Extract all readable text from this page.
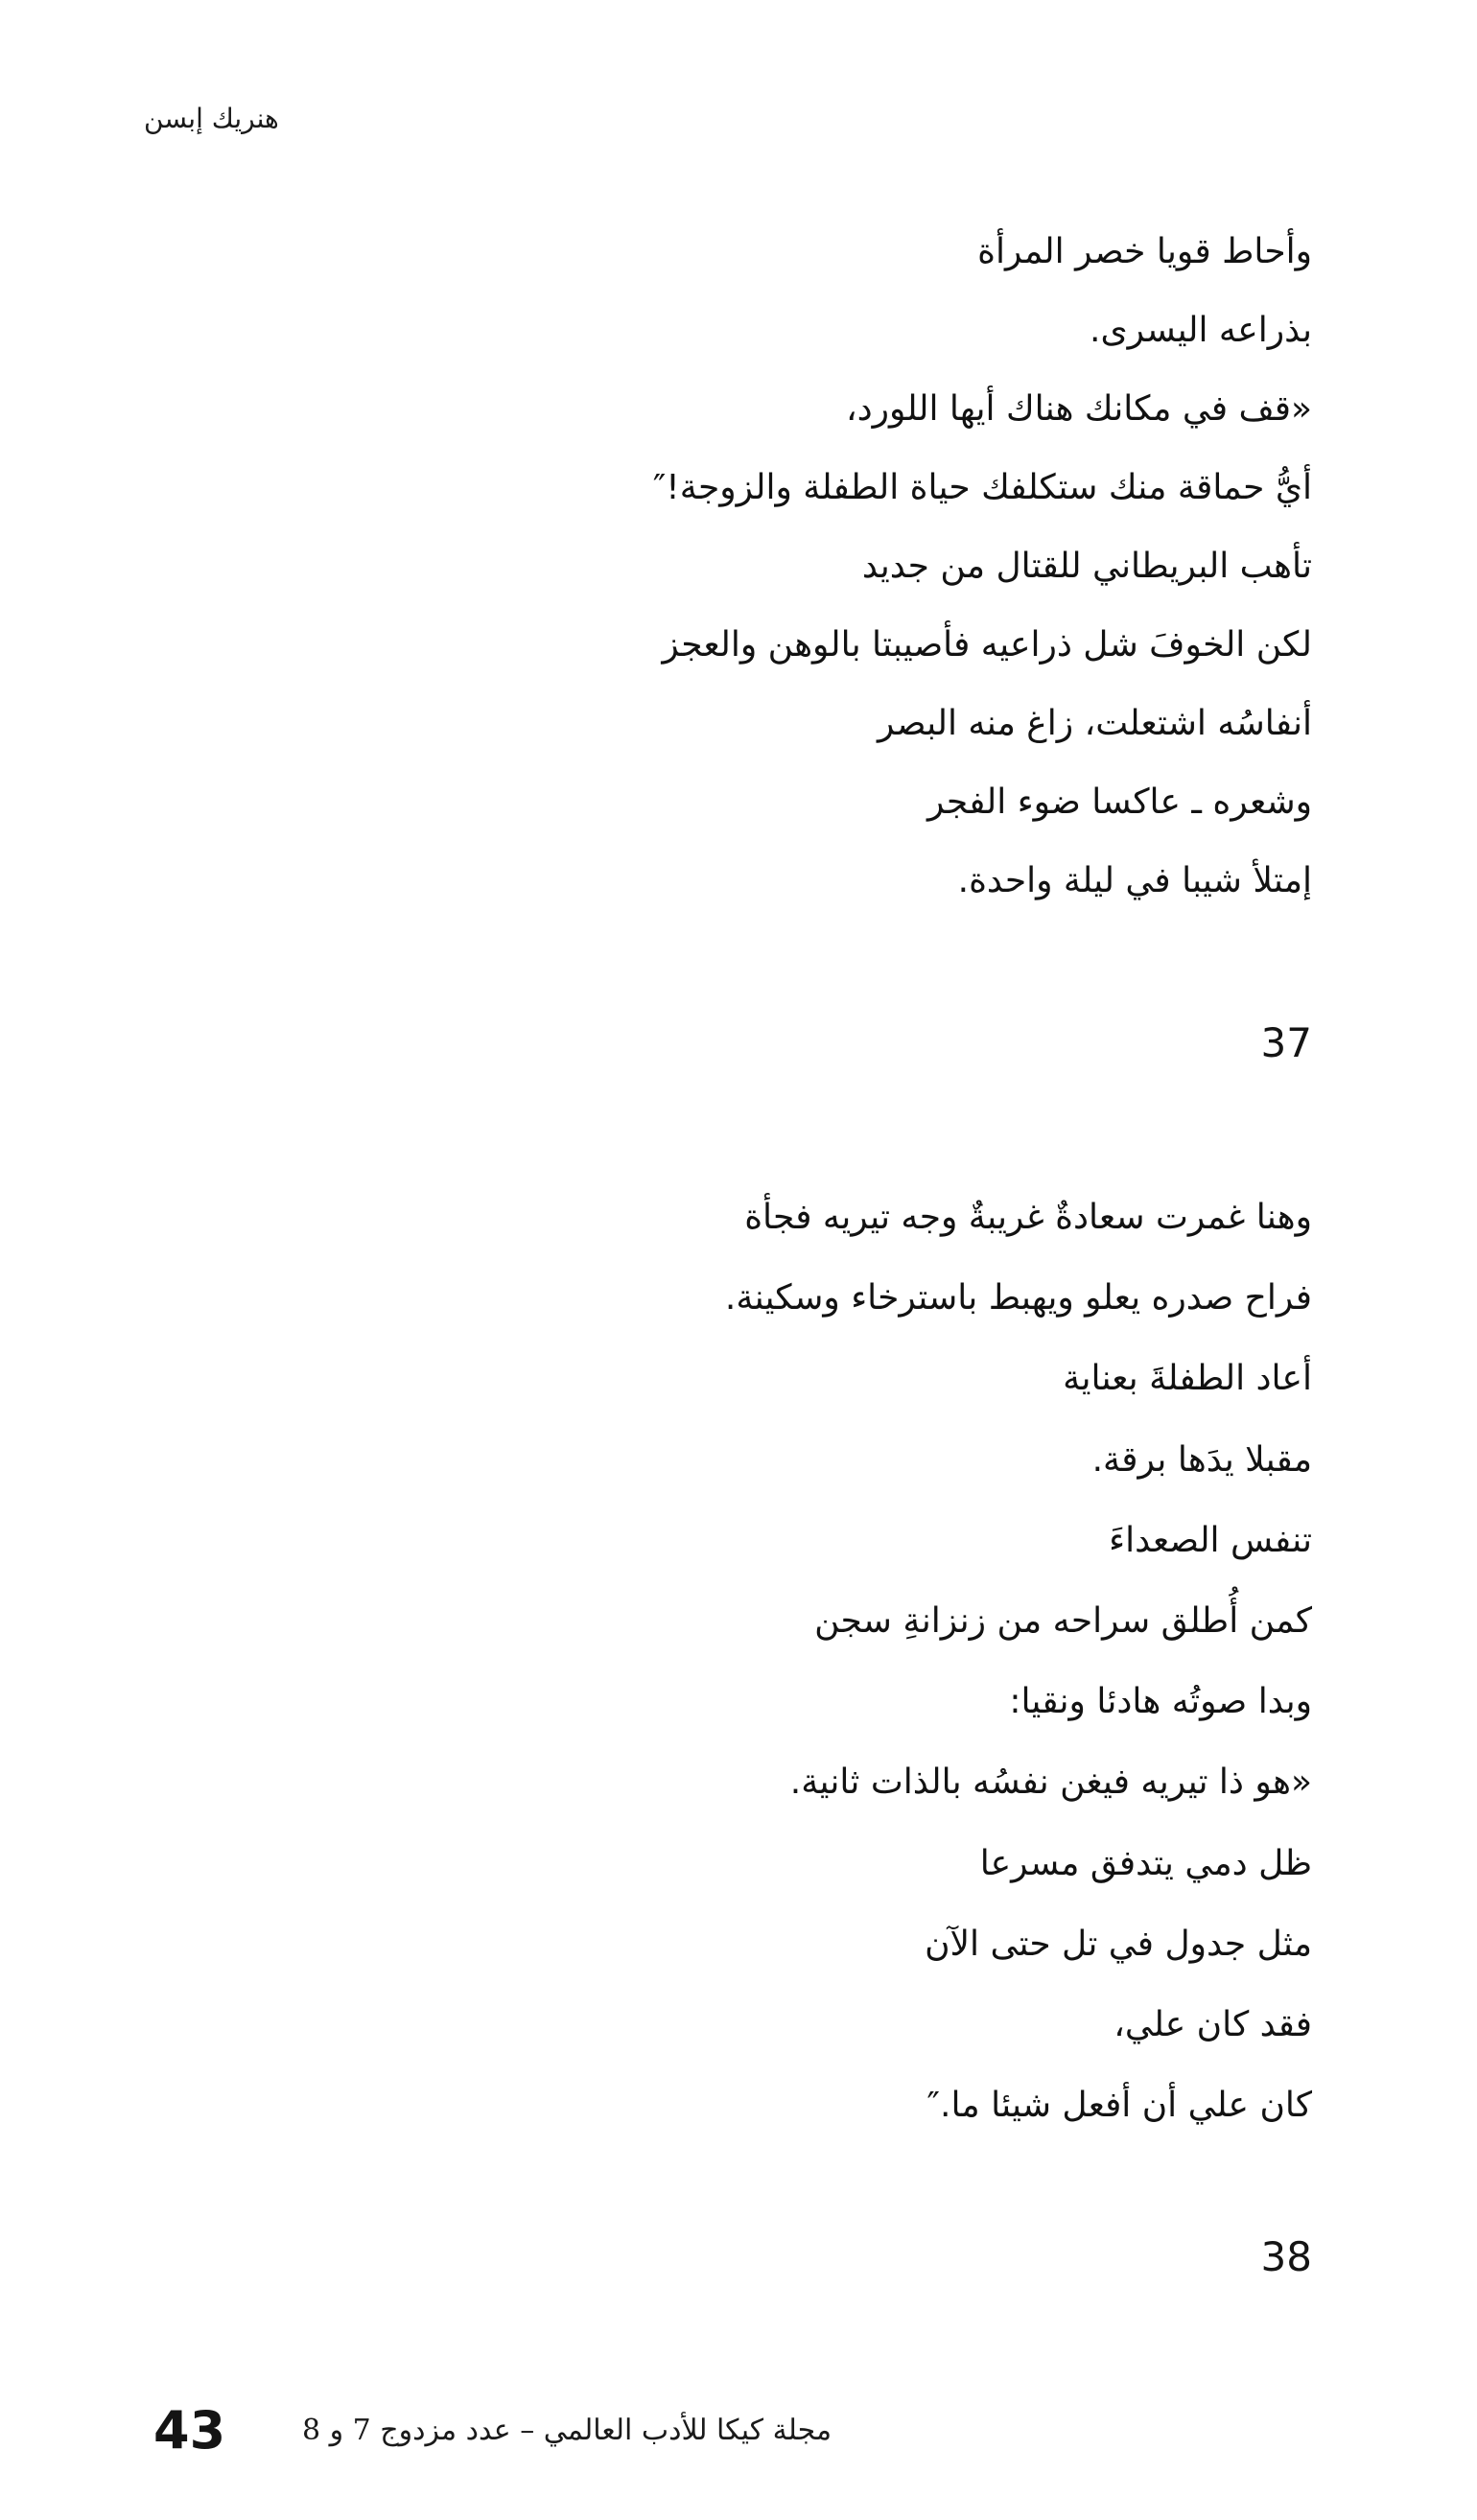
هنريك إبسن
وأحاط قويا خصر المرأة
بذراعه اليسرى.
«قف في مكانك هناك أيها اللورد،
أيُّ حماقة منك ستكلفك حياة الطفلة والزوجة!″
تأهب البريطاني للقتال من جديد
لكن الخوفَ شل ذراعيه فأصيبتا بالوهن والعجز
أنفاسُه اشتعلت، زاغ منه البصر
وشعره ـ عاكسا ضوء الفجر
إمتلأ شيبا في ليلة واحدة.
37
وهنا غمرت سعادةٌ غريبةٌ وجه تيريه فجأة
فراح صدره يعلو ويهبط باسترخاء وسكينة.
أعاد الطفلةَ بعناية
مقبلا يدَها برقة.
تنفس الصعداءَ
كمن أُطلق سراحه من زنزانةِ سجن
وبدا صوتُه هادئا ونقيا:
«هو ذا تيريه فيغن نفسُه بالذات ثانية.
ظل دمي يتدفق مسرعا
مثل جدول في تل حتى الآن
فقد كان علي،
كان علي أن أفعل شيئا ما.″
38
43	مجلة كيكا للأدب العالمي – عدد مزدوج 7 و 8
